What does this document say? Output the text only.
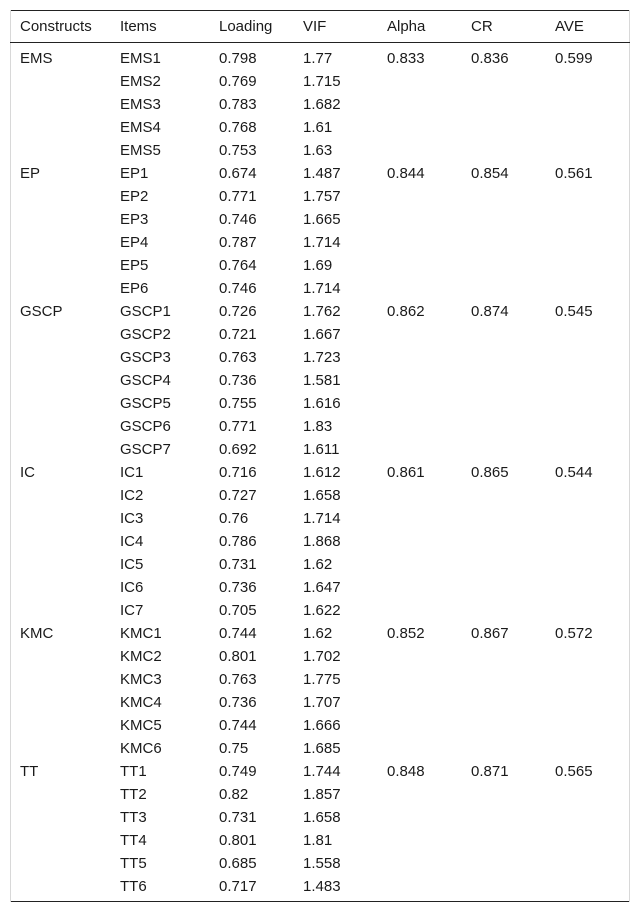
Constructs	Items	Loading	VIF	Alpha	CR	AVE
EMS	EMS1	0.798	1.77	0.833	0.836	0.599
	EMS2	0.769	1.715			
	EMS3	0.783	1.682			
	EMS4	0.768	1.61			
	EMS5	0.753	1.63			
EP	EP1	0.674	1.487	0.844	0.854	0.561
	EP2	0.771	1.757			
	EP3	0.746	1.665			
	EP4	0.787	1.714			
	EP5	0.764	1.69			
	EP6	0.746	1.714			
GSCP	GSCP1	0.726	1.762	0.862	0.874	0.545
	GSCP2	0.721	1.667			
	GSCP3	0.763	1.723			
	GSCP4	0.736	1.581			
	GSCP5	0.755	1.616			
	GSCP6	0.771	1.83			
	GSCP7	0.692	1.611			
IC	IC1	0.716	1.612	0.861	0.865	0.544
	IC2	0.727	1.658			
	IC3	0.76	1.714			
	IC4	0.786	1.868			
	IC5	0.731	1.62			
	IC6	0.736	1.647			
	IC7	0.705	1.622			
KMC	KMC1	0.744	1.62	0.852	0.867	0.572
	KMC2	0.801	1.702			
	KMC3	0.763	1.775			
	KMC4	0.736	1.707			
	KMC5	0.744	1.666			
	KMC6	0.75	1.685			
TT	TT1	0.749	1.744	0.848	0.871	0.565
	TT2	0.82	1.857			
	TT3	0.731	1.658			
	TT4	0.801	1.81			
	TT5	0.685	1.558			
	TT6	0.717	1.483			
